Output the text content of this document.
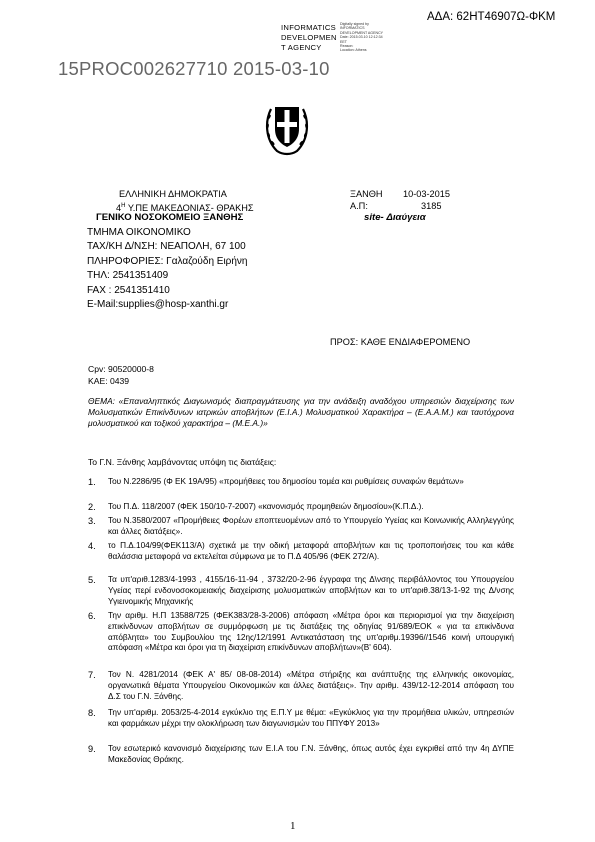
ΑΔΑ: 62ΗΤ46907Ω-ΦΚΜ
INFORMATICS
DEVELOPMEN
T AGENCY
Digitally signed by
INFORMATICS
DEVELOPMENT AGENCY
Date: 2015.03.10 12:12:34
EET
Reason:
Location: Athens
15PROC002627710 2015-03-10
ΕΛΛΗΝΙΚΗ ΔΗΜΟΚΡΑΤΙΑ
$4^H$ Υ.ΠΕ ΜΑΚΕΔΟΝΙΑΣ- ΘΡΑΚΗΣ
ΓΕΝΙΚΟ ΝΟΣΟΚΟΜΕΙΟ ΞΑΝΘΗΣ
ΞΑΝΘΗ 10-03-2015
Α.Π:	3185
site- Διαύγεια
ΤΜΗΜΑ ΟΙΚΟΝΟΜΙΚΟ
ΤΑΧ/ΚΗ Δ/ΝΣΗ: ΝΕΑΠΟΛΗ, 67 100
ΠΛΗΡΟΦΟΡΙΕΣ: Γαλαζούδη Ειρήνη
ΤΗΛ: 2541351409
FAX : 2541351410
E-Mail:supplies@hosp-xanthi.gr
ΠΡΟΣ: ΚΑΘΕ ΕΝΔΙΑΦΕΡΟΜΕΝΟ
Cpv: 90520000-8
ΚΑΕ: 0439
ΘΕΜΑ: «Επαναληπτικός Διαγωνισμός διαπραγμάτευσης για την ανάδειξη αναδόχου υπηρεσιών διαχείρισης των Μολυσματικών Επικίνδυνων ιατρικών αποβλήτων (Ε.Ι.Α.) Μολυσματικού Χαρακτήρα – (Ε.Α.Α.Μ.) και ταυτόχρονα μολυσματικού και τοξικού χαρακτήρα – (Μ.Ε.Α.)»
Το Γ.Ν. Ξάνθης λαμβάνοντας υπόψη τις διατάξεις:
1.	Του Ν.2286/95 (Φ ΕΚ 19Α/95) «προμήθειες του δημοσίου τομέα και ρυθμίσεις συναφών θεμάτων»
2.	Του Π.Δ. 118/2007 (ΦΕΚ 150/10-7-2007) «κανονισμός προμηθειών δημοσίου»(Κ.Π.Δ.).
3.	Του Ν.3580/2007 «Προμήθειες Φορέων εποπτευομένων από το Υπουργείο Υγείας και Κοινωνικής Αλληλεγγύης και άλλες διατάξεις».
4.	το Π.Δ.104/99(ΦΕΚ113/Α) σχετικά με την οδική μεταφορά αποβλήτων και τις τροποποιήσεις του και κάθε θαλάσσια μεταφορά να εκτελείται σύμφωνα με το Π.Δ 405/96 (ΦΕΚ 272/Α).
5.	Τα υπ'αριθ.1283/4-1993 , 4155/16-11-94 , 3732/20-2-96 έγγραφα της Δ\νσης περιβάλλοντος του Υπουργείου Υγείας περί ενδονοσοκομειακής διαχείρισης μολυσματικών αποβλήτων και το υπ'αριθ.38/13-1-92 της Δ/νσης Υγιεινομικής Μηχανικής
6.	Την αριθμ. Η.Π 13588/725 (ΦΕΚ383/28-3-2006) απόφαση «Μέτρα όροι και περιορισμοί για την διαχείριση επικίνδυνων αποβλήτων σε συμμόρφωση με τις διατάξεις της οδηγίας 91/689/ΕΟΚ « για τα επικίνδυνα απόβλητα» του Συμβουλίου της 12ης/12/1991 Αντικατάσταση της υπ'αριθμ.19396//1546 κοινή υπουργική απόφαση «Μέτρα και όροι για τη διαχείριση επικίνδυνων αποβλήτων»(Β' 604).
7.	Τον Ν. 4281/2014 (ΦΕΚ Α' 85/ 08-08-2014) «Μέτρα στήριξης και ανάπτυξης της ελληνικής οικονομίας, οργανωτικά θέματα Υπουργείου Οικονομικών και άλλες διατάξεις». Την αριθμ. 439/12-12-2014 απόφαση του Δ.Σ του Γ.Ν. Ξάνθης.
8.	Την υπ'αριθμ. 2053/25-4-2014 εγκύκλιο της Ε.Π.Υ με θέμα: «Εγκύκλιος για την προμήθεια υλικών, υπηρεσιών και φαρμάκων μέχρι την ολοκλήρωση των διαγωνισμών του ΠΠΥΦΥ 2013»
9.	Τον εσωτερικό κανονισμό διαχείρισης των Ε.Ι.Α του Γ.Ν. Ξάνθης, όπως αυτός έχει εγκριθεί από την 4η ΔΥΠΕ Μακεδονίας Θράκης.
1
